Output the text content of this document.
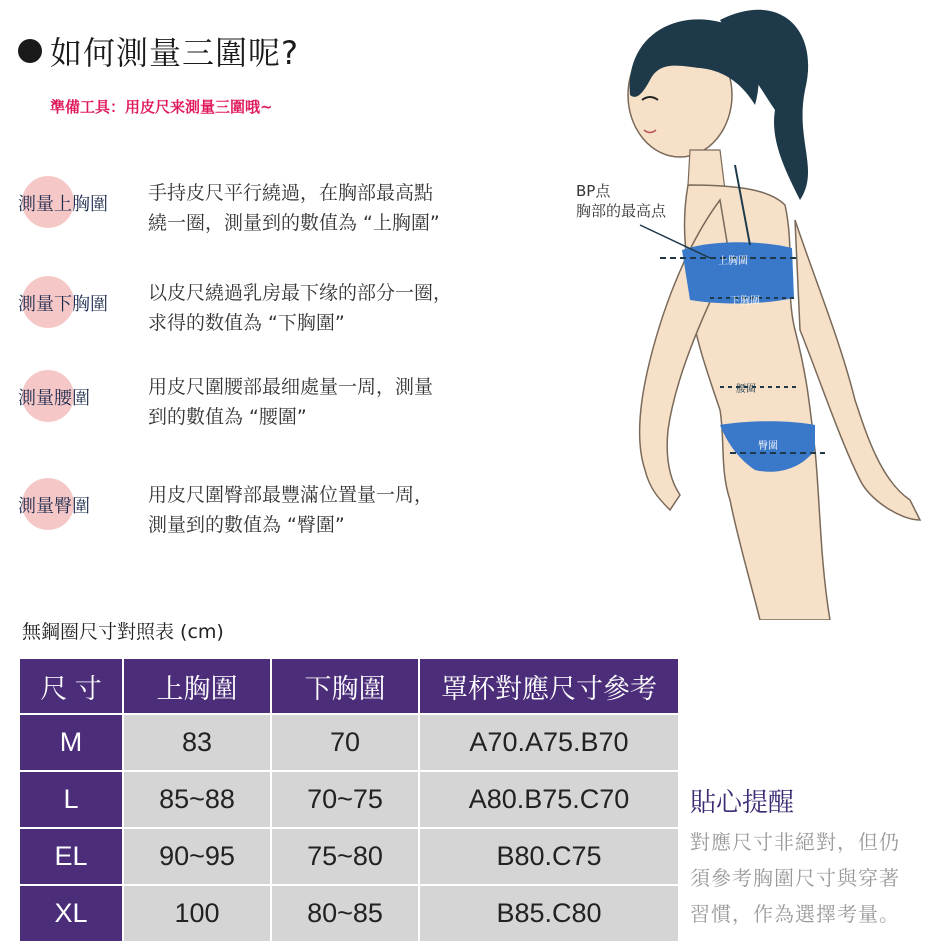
如何測量三圍呢?
準備工具：用皮尺来測量三圍哦~
測量上胸圍
手持皮尺平行繞過，在胸部最高點
繞一圈，測量到的數值為 “上胸圍”
測量下胸圍
以皮尺繞過乳房最下缘的部分一圈，
求得的数值為 “下胸圍”
測量腰圍
用皮尺圍腰部最细處量一周，測量
到的數值為 “腰圍”
測量臀圍
用皮尺圍臀部最豐滿位置量一周，
測量到的數值為 “臀圍”
BP点
胸部的最高点
上胸圍
下胸圍
腰圍
臀圍
無鋼圈尺寸對照表 (cm)
尺 寸	上胸圍	下胸圍	罩杯對應尺寸參考
M	83	70	A70.A75.B70
L	85~88	70~75	A80.B75.C70
EL	90~95	75~80	B80.C75
XL	100	80~85	B85.C80
貼心提醒
對應尺寸非絕對，但仍
須參考胸圍尺寸與穿著
習慣，作為選擇考量。
